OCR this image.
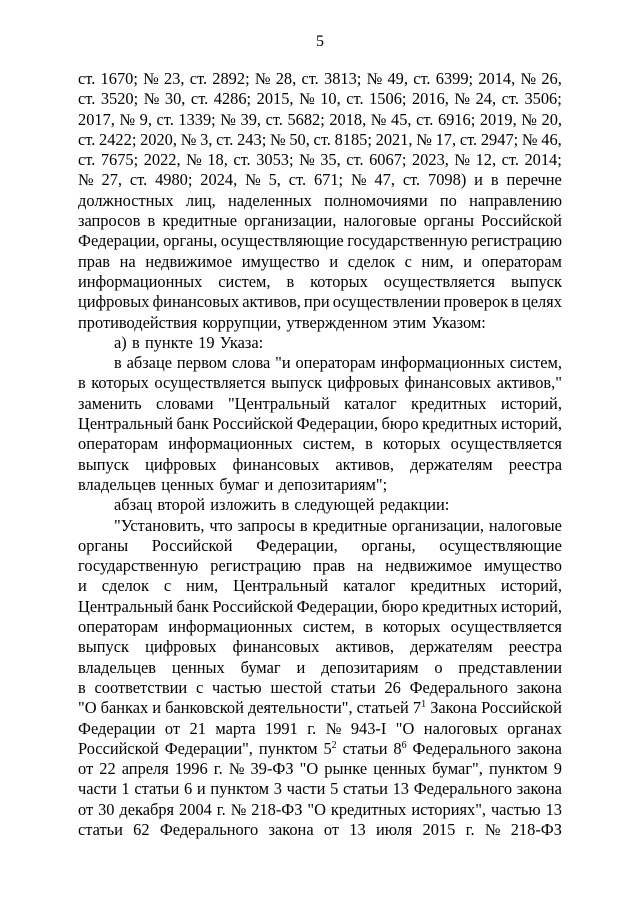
5
ст. 1670; № 23, ст. 2892; № 28, ст. 3813; № 49, ст. 6399; 2014, № 26,
ст. 3520; № 30, ст. 4286; 2015, № 10, ст. 1506; 2016, № 24, ст. 3506;
2017, № 9, ст. 1339; № 39, ст. 5682; 2018, № 45, ст. 6916; 2019, № 20,
ст. 2422; 2020, № 3, ст. 243; № 50, ст. 8185; 2021, № 17, ст. 2947; № 46,
ст. 7675; 2022, № 18, ст. 3053; № 35, ст. 6067; 2023, № 12, ст. 2014;
№ 27, ст. 4980; 2024, № 5, ст. 671; № 47, ст. 7098) и в перечне
должностных лиц, наделенных полномочиями по направлению
запросов в кредитные организации, налоговые органы Российской
Федерации, органы, осуществляющие государственную регистрацию
прав на недвижимое имущество и сделок с ним, и операторам
информационных систем, в которых осуществляется выпуск
цифровых финансовых активов, при осуществлении проверок в целях
противодействия коррупции, утвержденном этим Указом:
а) в пункте 19 Указа:
в абзаце первом слова "и операторам информационных систем,
в которых осуществляется выпуск цифровых финансовых активов,"
заменить словами "Центральный каталог кредитных историй,
Центральный банк Российской Федерации, бюро кредитных историй,
операторам информационных систем, в которых осуществляется
выпуск цифровых финансовых активов, держателям реестра
владельцев ценных бумаг и депозитариям";
абзац второй изложить в следующей редакции:
"Установить, что запросы в кредитные организации, налоговые
органы Российской Федерации, органы, осуществляющие
государственную регистрацию прав на недвижимое имущество
и сделок с ним, Центральный каталог кредитных историй,
Центральный банк Российской Федерации, бюро кредитных историй,
операторам информационных систем, в которых осуществляется
выпуск цифровых финансовых активов, держателям реестра
владельцев ценных бумаг и депозитариям о представлении
в соответствии с частью шестой статьи 26 Федерального закона
"О банках и банковской деятельности", статьей $7^1$ Закона Российской
Федерации от 21 марта 1991 г. № 943-I "О налоговых органах
Российской Федерации", пунктом $5^2$ статьи $8^6$ Федерального закона
от 22 апреля 1996 г. № 39-ФЗ "О рынке ценных бумаг", пунктом 9
части 1 статьи 6 и пунктом 3 части 5 статьи 13 Федерального закона
от 30 декабря 2004 г. № 218-ФЗ "О кредитных историях", частью 13
статьи 62 Федерального закона от 13 июля 2015 г. № 218-ФЗ
